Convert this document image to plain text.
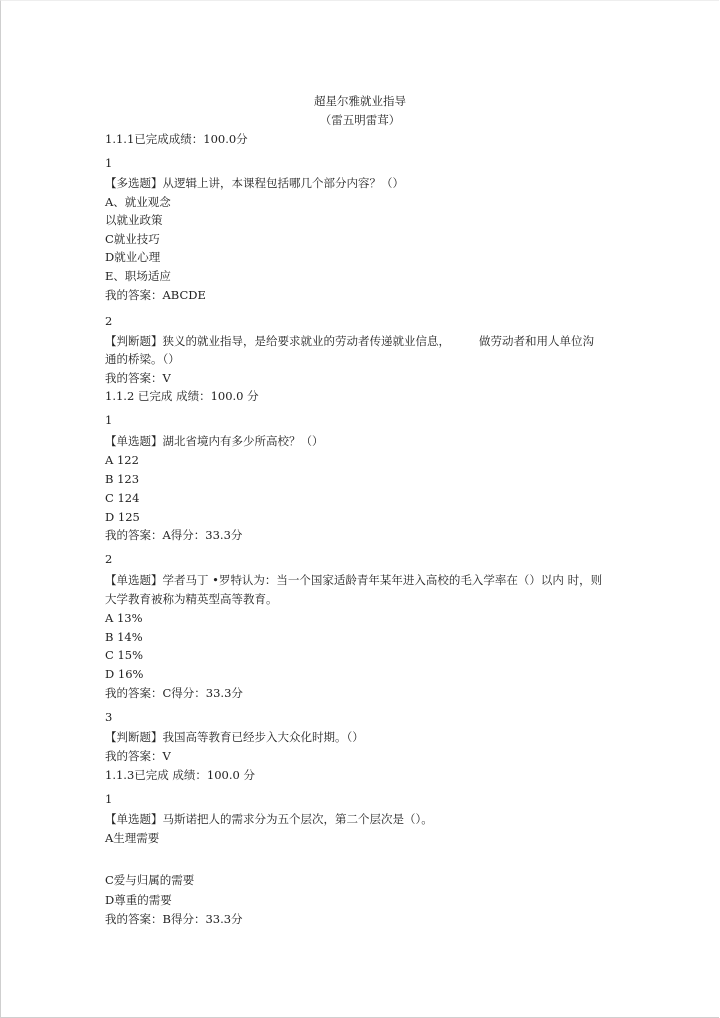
超星尔雅就业指导
（雷五明雷茸）
1.1.1已完成成绩：100.0分
1
【多选题】从逻辑上讲，本课程包括哪几个部分内容？（）
A、就业观念
以就业政策
C就业技巧
D就业心理
E、职场适应
我的答案：ABCDE
2
【判断题】狭义的就业指导，是给要求就业的劳动者传递就业信息，	做劳动者和用人单位沟
通的桥梁。（）
我的答案：V
1.1.2 已完成 成绩：100.0 分
1
【单选题】湖北省境内有多少所高校？（）
A 122
B 123
C 124
D 125
我的答案：A得分：33.3分
2
【单选题】学者马丁 •罗特认为：当一个国家适龄青年某年进入高校的毛入学率在（）以内 时，则
大学教育被称为精英型高等教育。
A 13%
B 14%
C 15%
D 16%
我的答案：C得分：33.3分
3
【判断题】我国高等教育已经步入大众化时期。（）
我的答案：V
1.1.3已完成 成绩：100.0 分
1
【单选题】马斯诺把人的需求分为五个层次，第二个层次是（）。
A生理需要
C爱与归属的需要
D尊重的需要
我的答案：B得分：33.3分
